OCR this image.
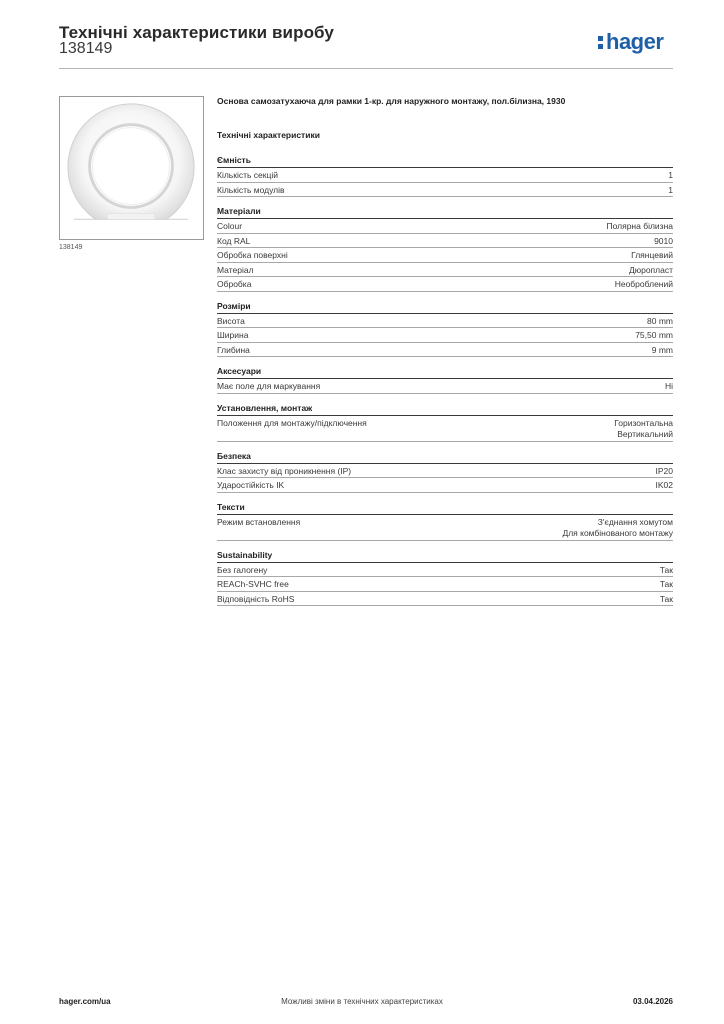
Технічні характеристики виробу
138149	hager
138149
Основа самозатухаюча для рамки 1-кр. для наружного монтажу, пол.білизна, 1930
Технічні характеристики
Ємність
Кількість секцій	1
Кількість модулів	1
Матеріали
Colour	Полярна білизна
Код RAL	9010
Обробка поверхні	Глянцевий
Матеріал	Дюропласт
Обробка	Необроблений
Розміри
Висота	80 mm
Ширина	75,50 mm
Глибина	9 mm
Аксесуари
Має поле для маркування	Ні
Установлення, монтаж
Положення для монтажу/підключення	Горизонтальна
Вертикальний
Безпека
Клас захисту від проникнення (IP)	IP20
Ударостійкість IK	IK02
Тексти
Режим встановлення	З'єднання хомутом
Для комбінованого монтажу
Sustainability
Без галогену	Так
REACh-SVHC free	Так
Відповідність RoHS	Так
hager.com/ua	Можливі зміни в технічних характеристиках	03.04.2026
